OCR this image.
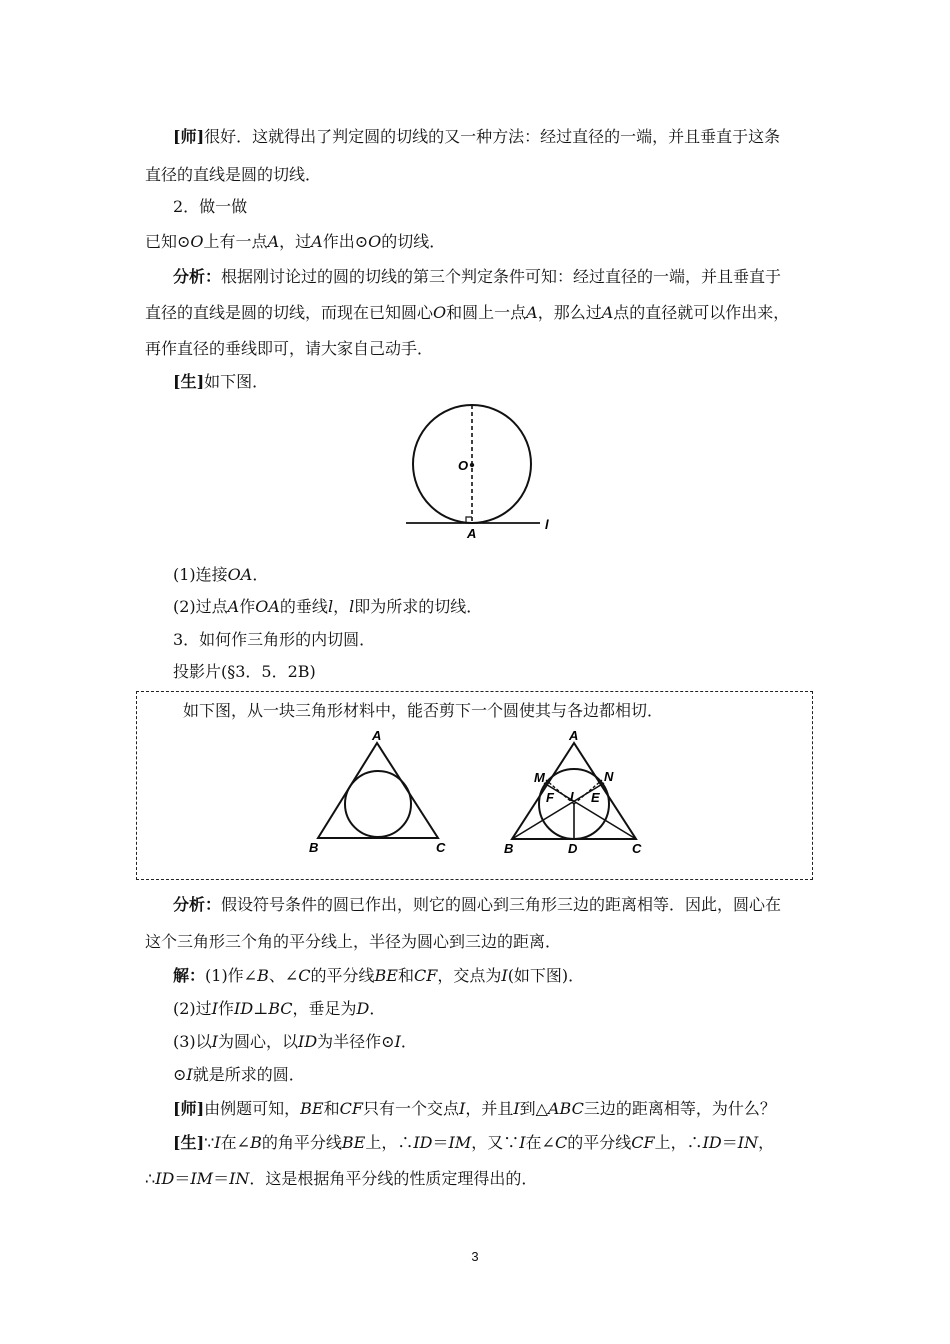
[师]很好．这就得出了判定圆的切线的又一种方法：经过直径的一端，并且垂直于这条
直径的直线是圆的切线．
2．做一做
已知⊙O上有一点A，过A作出⊙O的切线．
分析：根据刚讨论过的圆的切线的第三个判定条件可知：经过直径的一端，并且垂直于
直径的直线是圆的切线，而现在已知圆心O和圆上一点A，那么过A点的直径就可以作出来，
再作直径的垂线即可，请大家自己动手．
[生]如下图．
O
A
l
(1)连接OA．
(2)过点A作OA的垂线l，l即为所求的切线．
3．如何作三角形的内切圆．
投影片(§3．5．2B)
如下图，从一块三角形材料中，能否剪下一个圆使其与各边都相切．
A
B	C
A
B	C
M	N
F I E
D
分析：假设符号条件的圆已作出，则它的圆心到三角形三边的距离相等．因此，圆心在
这个三角形三个角的平分线上，半径为圆心到三边的距离．
解：(1)作∠B、∠C的平分线BE和CF，交点为I(如下图)．
(2)过I作ID⊥BC，垂足为D．
(3)以I为圆心，以ID为半径作⊙I．
⊙I就是所求的圆．
[师]由例题可知，BE和CF只有一个交点I，并且I到△ABC三边的距离相等，为什么？
[生]∵I在∠B的角平分线BE上，∴ID＝IM，又∵I在∠C的平分线CF上，∴ID＝IN，
∴ID＝IM＝IN．这是根据角平分线的性质定理得出的．
3
